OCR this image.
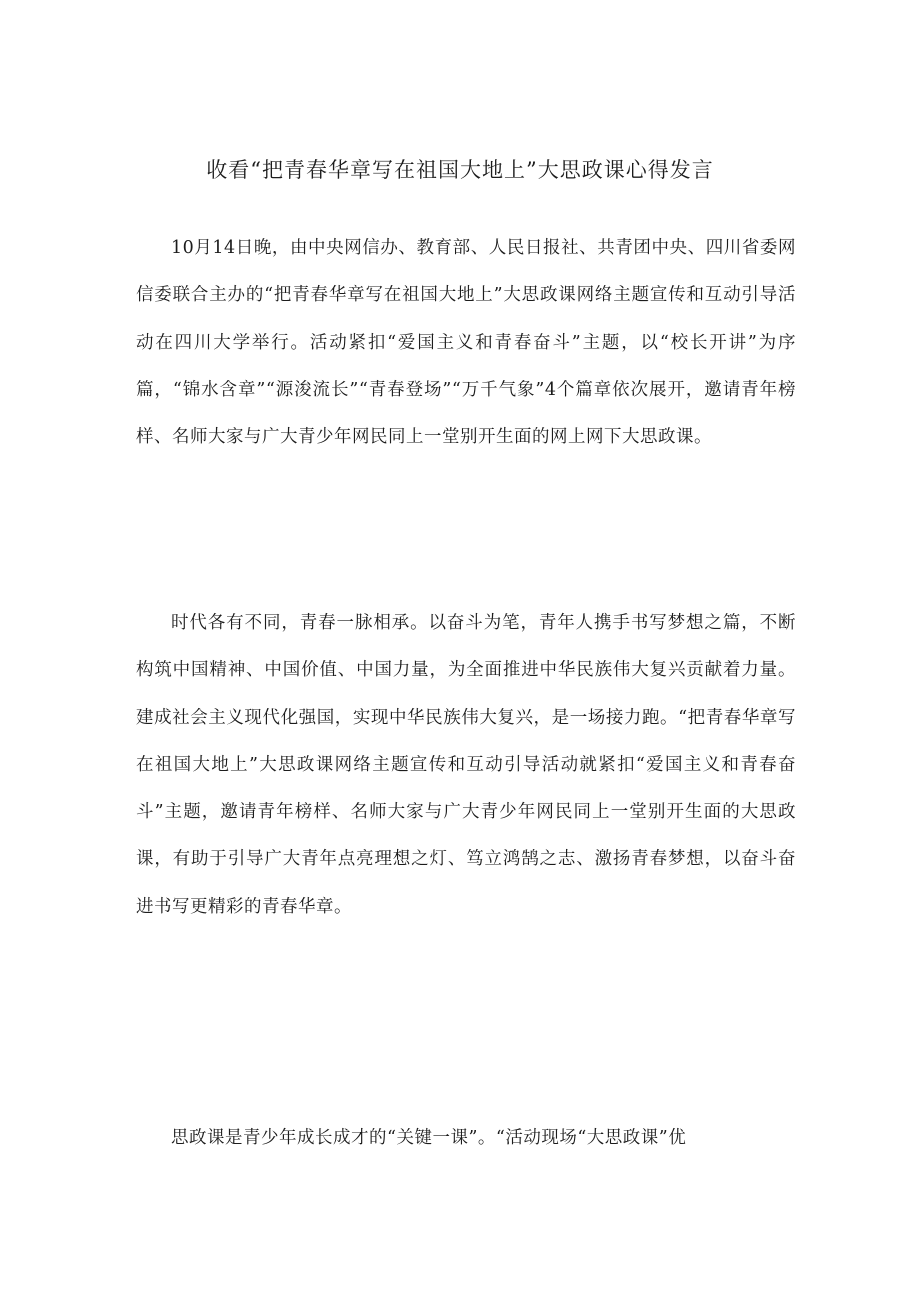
收看“把青春华章写在祖国大地上”大思政课心得发言

10月14日晚，由中央网信办、教育部、人民日报社、共青团中央、四川省委网信委联合主办的“把青春华章写在祖国大地上”大思政课网络主题宣传和互动引导活动在四川大学举行。活动紧扣“爱国主义和青春奋斗”主题，以“校长开讲”为序篇，“锦水含章”“源浚流长”“青春登场”“万千气象”4个篇章依次展开，邀请青年榜样、名师大家与广大青少年网民同上一堂别开生面的网上网下大思政课。

时代各有不同，青春一脉相承。以奋斗为笔，青年人携手书写梦想之篇，不断构筑中国精神、中国价值、中国力量，为全面推进中华民族伟大复兴贡献着力量。建成社会主义现代化强国，实现中华民族伟大复兴，是一场接力跑。“把青春华章写在祖国大地上”大思政课网络主题宣传和互动引导活动就紧扣“爱国主义和青春奋斗”主题，邀请青年榜样、名师大家与广大青少年网民同上一堂别开生面的大思政课，有助于引导广大青年点亮理想之灯、笃立鸿鹄之志、激扬青春梦想，以奋斗奋进书写更精彩的青春华章。

思政课是青少年成长成才的“关键一课”。“活动现场“大思政课”优
